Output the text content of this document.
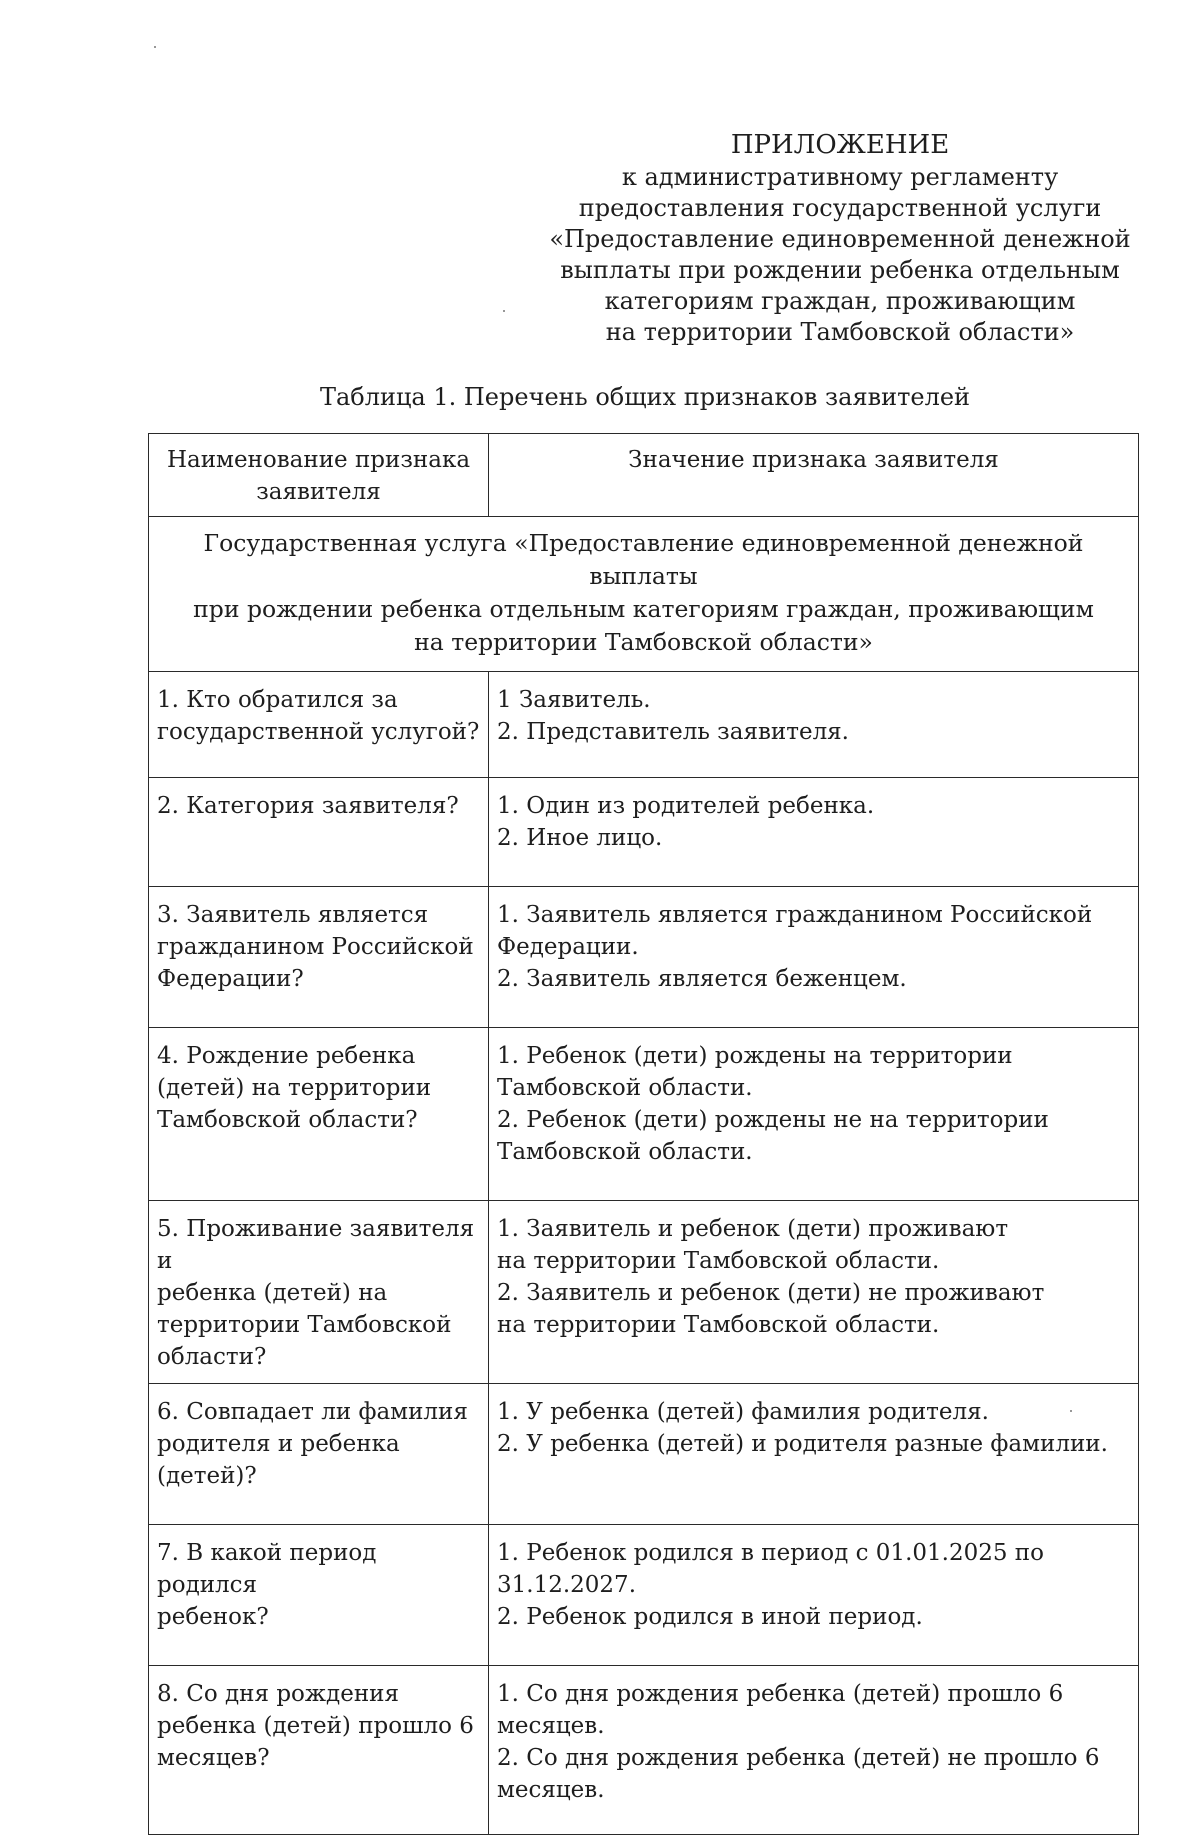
ПРИЛОЖЕНИЕ
к административному регламенту
предоставления государственной услуги
«Предоставление единовременной денежной
выплаты при рождении ребенка отдельным
категориям граждан, проживающим
на территории Тамбовской области»
Таблица 1. Перечень общих признаков заявителей
Наименование признака
заявителя	Значение признака заявителя

Государственная услуга «Предоставление единовременной денежной выплаты
при рождении ребенка отдельным категориям граждан, проживающим
на территории Тамбовской области»	

1. Кто обратился за
государственной услугой?	1 Заявитель.
2. Представитель заявителя.

2. Категория заявителя?	1. Один из родителей ребенка.
2. Иное лицо.

3. Заявитель является
гражданином Российской
Федерации?	1. Заявитель является гражданином Российской
Федерации.
2. Заявитель является беженцем.

4. Рождение ребенка
(детей) на территории
Тамбовской области?	1. Ребенок (дети) рождены на территории
Тамбовской области.
2. Ребенок (дети) рождены не на территории
Тамбовской области.

5. Проживание заявителя и
ребенка (детей) на
территории Тамбовской
области?	1. Заявитель и ребенок (дети) проживают
на территории Тамбовской области.
2. Заявитель и ребенок (дети) не проживают
на территории Тамбовской области.

6. Совпадает ли фамилия
родителя и ребенка
(детей)?	1. У ребенка (детей) фамилия родителя.
2. У ребенка (детей) и родителя разные фамилии.

7. В какой период родился
ребенок?	1. Ребенок родился в период с 01.01.2025 по
31.12.2027.
2. Ребенок родился в иной период.

8. Со дня рождения
ребенка (детей) прошло 6
месяцев?	1. Со дня рождения ребенка (детей) прошло 6
месяцев.
2. Со дня рождения ребенка (детей) не прошло 6
месяцев.
